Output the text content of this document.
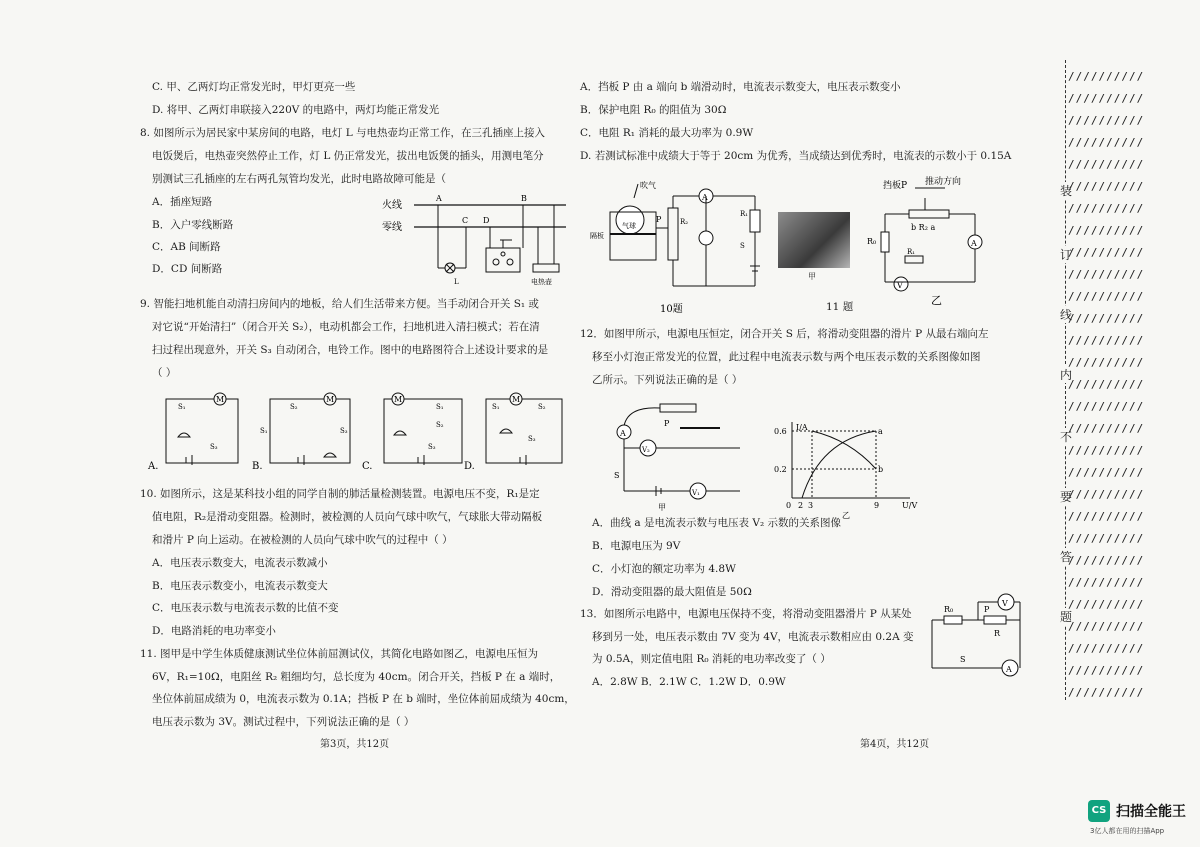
C. 甲、乙两灯均正常发光时，甲灯更亮一些
D. 将甲、乙两灯串联接入220V 的电路中，两灯均能正常发光
8. 如图所示为居民家中某房间的电路，电灯 L 与电热壶均正常工作，在三孔插座上接入
电饭煲后，电热壶突然停止工作，灯 L 仍正常发光，拔出电饭煲的插头，用测电笔分
别测试三孔插座的左右两孔氖管均发光，此时电路故障可能是（
A．插座短路
B．入户零线断路
C．AB 间断路
D．CD 间断路
火线
零线
A	B
C D
L	电热壶
9. 智能扫地机能自动清扫房间内的地板，给人们生活带来方便。当手动闭合开关 S₁ 或
对它说“开始清扫”（闭合开关 S₂），电动机都会工作，扫地机进入清扫模式；若在清
扫过程出现意外，开关 S₃ 自动闭合，电铃工作。图中的电路图符合上述设计要求的是
（ ）
M
S₁
S₃
A.
M
S₂
S₁	S₃
B.
M
S₁
S₂
S₃
C.
M
S₁	S₂
S₃
D.
10. 如图所示，这是某科技小组的同学自制的肺活量检测装置。电源电压不变，R₁是定
值电阻，R₂是滑动变阻器。检测时，被检测的人员向气球中吹气，气球胀大带动隔板
和滑片 P 向上运动。在被检测的人员向气球中吹气的过程中（ ）
A．电压表示数变大，电流表示数减小
B．电压表示数变小，电流表示数变大
C．电压表示数与电流表示数的比值不变
D．电路消耗的电功率变小
11. 图甲是中学生体质健康测试坐位体前屈测试仪，其简化电路如图乙，电源电压恒为
6V，R₁=10Ω，电阻丝 R₂ 粗细均匀，总长度为 40cm。闭合开关，挡板 P 在 a 端时，
坐位体前屈成绩为 0，电流表示数为 0.1A；挡板 P 在 b 端时，坐位体前屈成绩为 40cm，
电压表示数为 3V。测试过程中，下列说法正确的是（ ）
第3页，共12页
A．挡板 P 由 a 端向 b 端滑动时，电流表示数变大，电压表示数变小
B．保护电阻 R₀ 的阻值为 30Ω
C．电阻 R₁ 消耗的最大功率为 0.9W
D. 若测试标准中成绩大于等于 20cm 为优秀，当成绩达到优秀时，电流表的示数小于 0.15A
吹气
气球
隔板
P	R₂
A
R₁
S
10题
甲
11 题
挡板P 推动方向
b R₂ a
A
R₀
R₁
V
乙
12．如图甲所示，电源电压恒定，闭合开关 S 后，将滑动变阻器的滑片 P 从最右端向左
移至小灯泡正常发光的位置，此过程中电流表示数与两个电压表示数的关系图像如图
乙所示。下列说法正确的是（ ）
P
A
V₂
S
V₁
甲
I/A
U/V
0.6
0.2
0 2 3	9
a
b
乙
A．曲线 a 是电流表示数与电压表 V₂ 示数的关系图像
B．电源电压为 9V
C．小灯泡的额定功率为 4.8W
D．滑动变阻器的最大阻值是 50Ω
13．如图所示电路中，电源电压保持不变，将滑动变阻器滑片 P 从某处
移到另一处，电压表示数由 7V 变为 4V，电流表示数相应由 0.2A 变
为 0.5A，则定值电阻 R₀ 消耗的电功率改变了（ ）
A．2.8W B．2.1W C．1.2W D．0.9W
R₀	P
R
V
S
A
第4页，共12页
装
订
线
内
不
要
答
题
//////////
//////////
//////////
//////////
//////////
//////////
//////////
//////////
//////////
//////////
//////////
//////////
//////////
//////////
//////////
//////////
//////////
//////////
//////////
//////////
//////////
//////////
//////////
//////////
//////////
//////////
//////////
//////////
//////////
CS 扫描全能王
3亿人都在用的扫描App
